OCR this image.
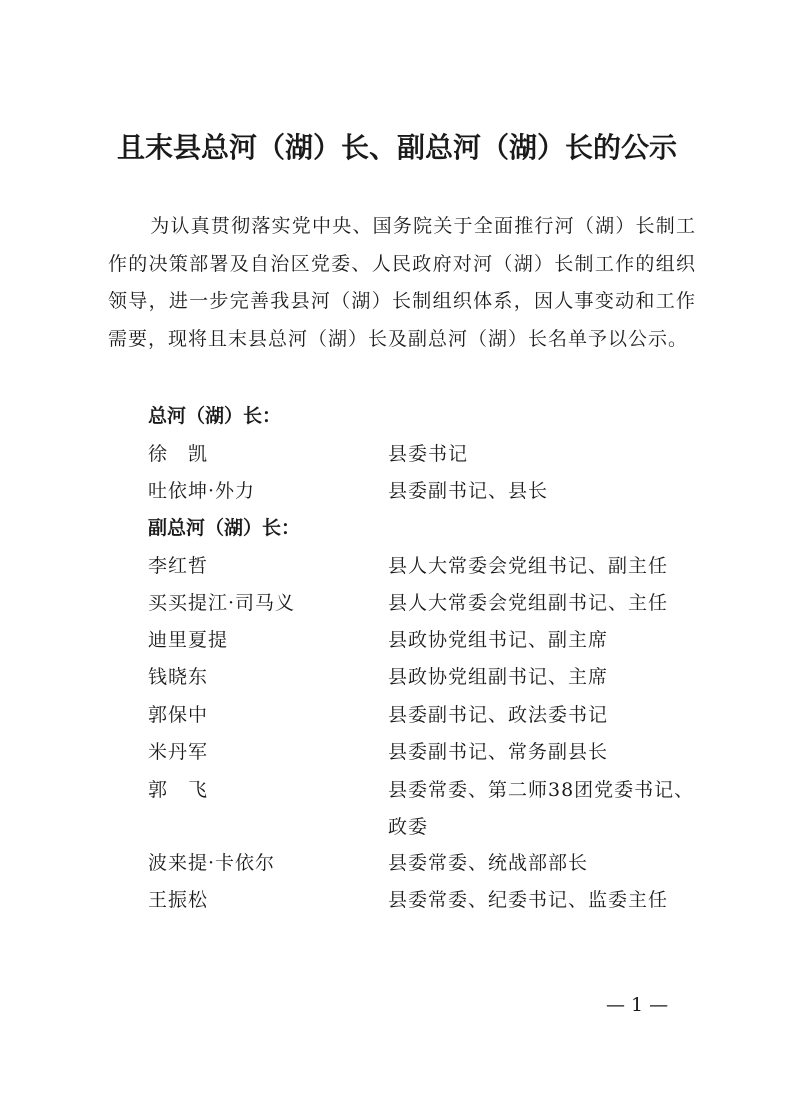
且末县总河（湖）长、副总河（湖）长的公示
为认真贯彻落实党中央、国务院关于全面推行河（湖）长制工作的决策部署及自治区党委、人民政府对河（湖）长制工作的组织领导，进一步完善我县河（湖）长制组织体系，因人事变动和工作需要，现将且末县总河（湖）长及副总河（湖）长名单予以公示。
总河（湖）长：
徐　凯	县委书记
吐依坤·外力	县委副书记、县长
副总河（湖）长：
李红哲	县人大常委会党组书记、副主任
买买提江·司马义	县人大常委会党组副书记、主任
迪里夏提	县政协党组书记、副主席
钱晓东	县政协党组副书记、主席
郭保中	县委副书记、政法委书记
米丹军	县委副书记、常务副县长
郭　飞	县委常委、第二师38团党委书记、政委
波来提·卡依尔	县委常委、统战部部长
王振松	县委常委、纪委书记、监委主任
— 1 —
